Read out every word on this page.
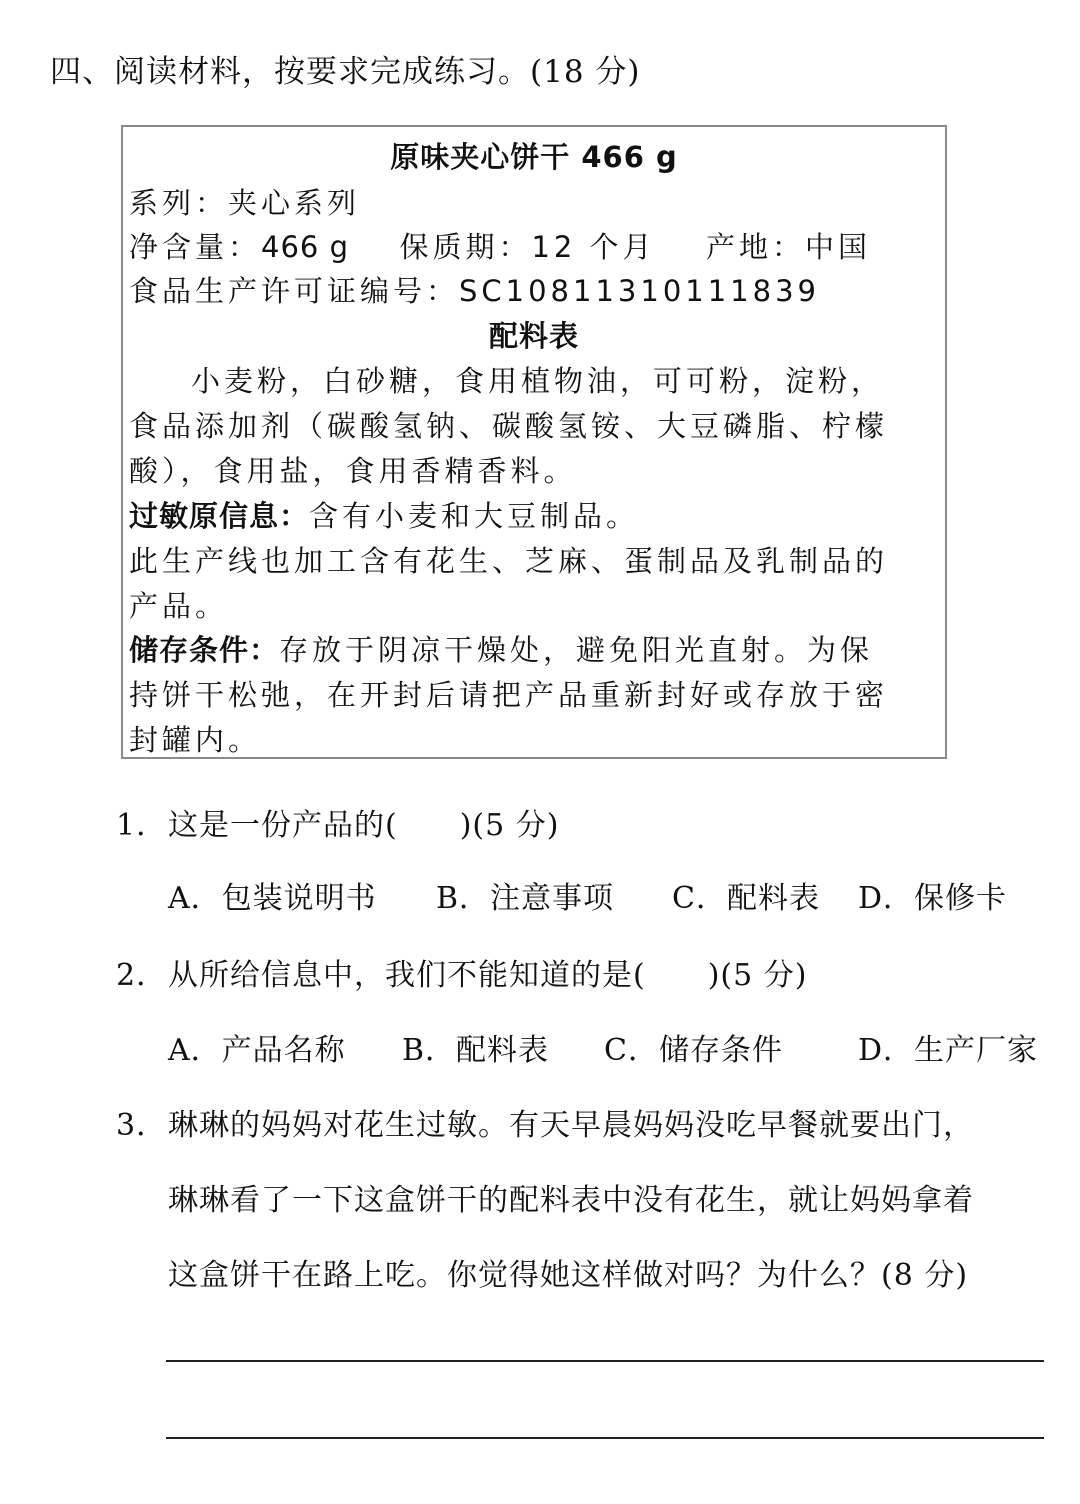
四、阅读材料，按要求完成练习。(18 分)
原味夹心饼干 466 g
系列：夹心系列
净含量：466 g 保质期：12 个月 产地：中国
食品生产许可证编号：SC10811310111839
配料表
小麦粉，白砂糖，食用植物油，可可粉，淀粉，
食品添加剂（碳酸氢钠、碳酸氢铵、大豆磷脂、柠檬
酸），食用盐，食用香精香料。
过敏原信息：含有小麦和大豆制品。
此生产线也加工含有花生、芝麻、蛋制品及乳制品的
产品。
储存条件：存放于阴凉干燥处，避免阳光直射。为保
持饼干松弛，在开封后请把产品重新封好或存放于密
封罐内。
1．这是一份产品的(　　)(5 分)
A．包装说明书 B．注意事项 C．配料表 D．保修卡
2．从所给信息中，我们不能知道的是(　　)(5 分)
A．产品名称 B．配料表 C．储存条件	D．生产厂家
3．琳琳的妈妈对花生过敏。有天早晨妈妈没吃早餐就要出门，
琳琳看了一下这盒饼干的配料表中没有花生，就让妈妈拿着
这盒饼干在路上吃。你觉得她这样做对吗？为什么？(8 分)
